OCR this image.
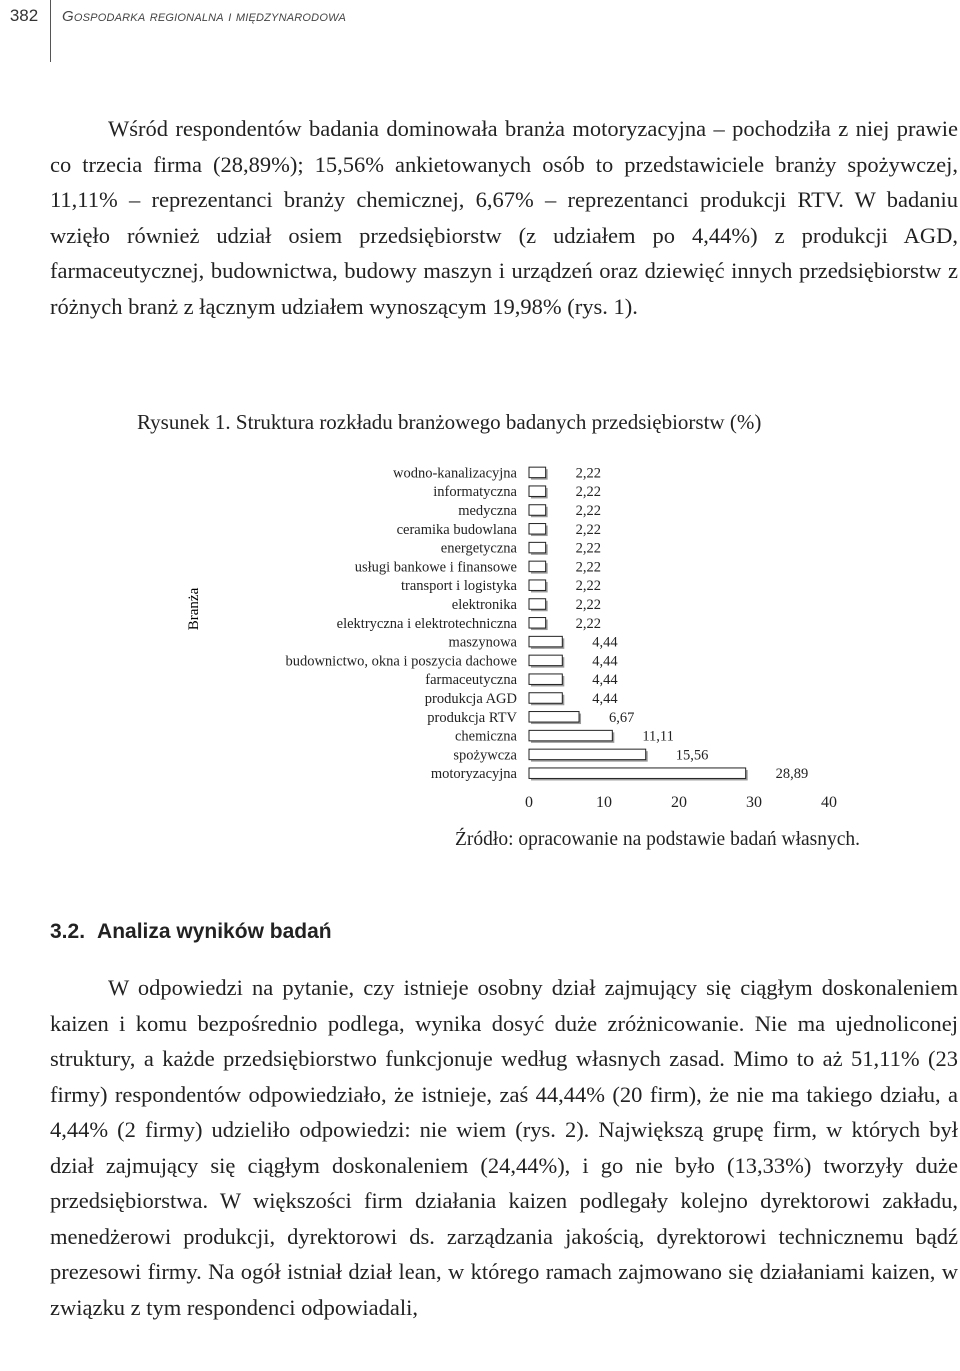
382	Gospodarka regionalna i międzynarodowa

Wśród respondentów badania dominowała branża motoryzacyjna – pochodziła z niej prawie co trzecia firma (28,89%); 15,56% ankietowanych osób to przedstawiciele branży spożywczej, 11,11% – reprezentanci branży chemicznej, 6,67% – reprezentanci produkcji RTV. W badaniu wzięło również udział osiem przedsiębiorstw (z udziałem po 4,44%) z produkcji AGD, farmaceutycznej, budownictwa, budowy maszyn i urządzeń oraz dziewięć innych przedsiębiorstw z różnych branż z łącznym udziałem wynoszącym 19,98% (rys. 1).

Rysunek 1. Struktura rozkładu branżowego badanych przedsiębiorstw (%)

Branża
wodno-kanalizacyjna
informatyczna
medyczna
ceramika budowlana
energetyczna
usługi bankowe i finansowe
transport i logistyka
elektronika
elektryczna i elektrotechniczna
maszynowa
budownictwo, okna i poszycia dachowe
farmaceutyczna
produkcja AGD
produkcja RTV
chemiczna
spożywcza
motoryzacyjna
2,22
2,22
2,22
2,22
2,22
2,22
2,22
2,22
2,22
4,44
4,44
4,44
4,44
6,67
11,11
15,56
28,89
0	10	20	30	40

Źródło: opracowanie na podstawie badań własnych.

3.2. Analiza wyników badań

W odpowiedzi na pytanie, czy istnieje osobny dział zajmujący się ciągłym doskonaleniem kaizen i komu bezpośrednio podlega, wynika dosyć duże zróżnicowanie. Nie ma ujednoliconej struktury, a każde przedsiębiorstwo funkcjonuje według własnych zasad. Mimo to aż 51,11% (23 firmy) respondentów odpowiedziało, że istnieje, zaś 44,44% (20 firm), że nie ma takiego działu, a 4,44% (2 firmy) udzieliło odpowiedzi: nie wiem (rys. 2). Największą grupę firm, w których był dział zajmujący się ciągłym doskonaleniem (24,44%), i go nie było (13,33%) tworzyły duże przedsiębiorstwa. W większości firm działania kaizen podlegały kolejno dyrektorowi zakładu, menedżerowi produkcji, dyrektorowi ds. zarządzania jakością, dyrektorowi technicznemu bądź prezesowi firmy. Na ogół istniał dział lean, w którego ramach zajmowano się działaniami kaizen, w związku z tym respondenci odpowiadali,
